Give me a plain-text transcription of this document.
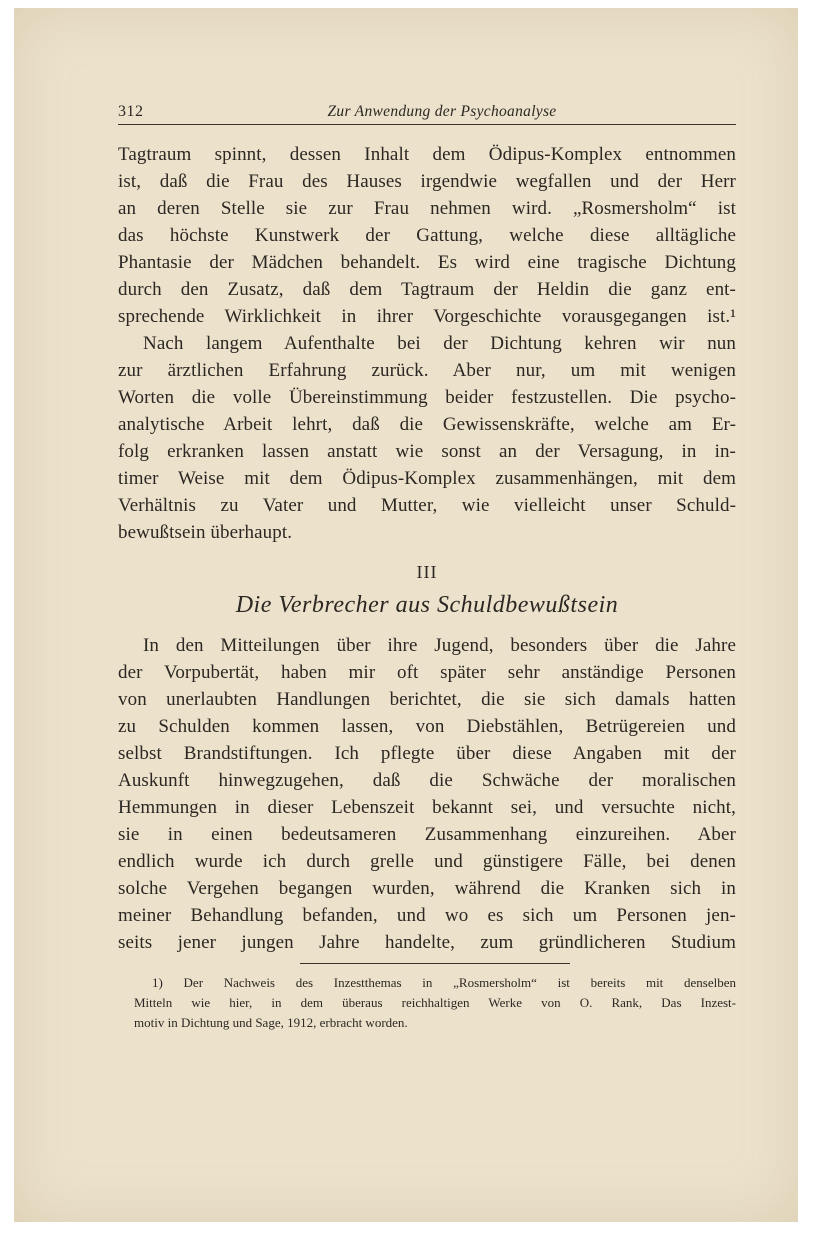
312	Zur Anwendung der Psychoanalyse
Tagtraum spinnt, dessen Inhalt dem Ödipus-Komplex entnommen
ist, daß die Frau des Hauses irgendwie wegfallen und der Herr
an deren Stelle sie zur Frau nehmen wird. „Rosmersholm“ ist
das höchste Kunstwerk der Gattung, welche diese alltägliche
Phantasie der Mädchen behandelt. Es wird eine tragische Dichtung
durch den Zusatz, daß dem Tagtraum der Heldin die ganz ent-
sprechende Wirklichkeit in ihrer Vorgeschichte vorausgegangen ist.¹
Nach langem Aufenthalte bei der Dichtung kehren wir nun
zur ärztlichen Erfahrung zurück. Aber nur, um mit wenigen
Worten die volle Übereinstimmung beider festzustellen. Die psycho-
analytische Arbeit lehrt, daß die Gewissenskräfte, welche am Er-
folg erkranken lassen anstatt wie sonst an der Versagung, in in-
timer Weise mit dem Ödipus-Komplex zusammenhängen, mit dem
Verhältnis zu Vater und Mutter, wie vielleicht unser Schuld-
bewußtsein überhaupt.
III
Die Verbrecher aus Schuldbewußtsein
In den Mitteilungen über ihre Jugend, besonders über die Jahre
der Vorpubertät, haben mir oft später sehr anständige Personen
von unerlaubten Handlungen berichtet, die sie sich damals hatten
zu Schulden kommen lassen, von Diebstählen, Betrügereien und
selbst Brandstiftungen. Ich pflegte über diese Angaben mit der
Auskunft hinwegzugehen, daß die Schwäche der moralischen
Hemmungen in dieser Lebenszeit bekannt sei, und versuchte nicht,
sie in einen bedeutsameren Zusammenhang einzureihen. Aber
endlich wurde ich durch grelle und günstigere Fälle, bei denen
solche Vergehen begangen wurden, während die Kranken sich in
meiner Behandlung befanden, und wo es sich um Personen jen-
seits jener jungen Jahre handelte, zum gründlicheren Studium
1) Der Nachweis des Inzestthemas in „Rosmersholm“ ist bereits mit denselben
Mitteln wie hier, in dem überaus reichhaltigen Werke von O. Rank, Das Inzest-
motiv in Dichtung und Sage, 1912, erbracht worden.
